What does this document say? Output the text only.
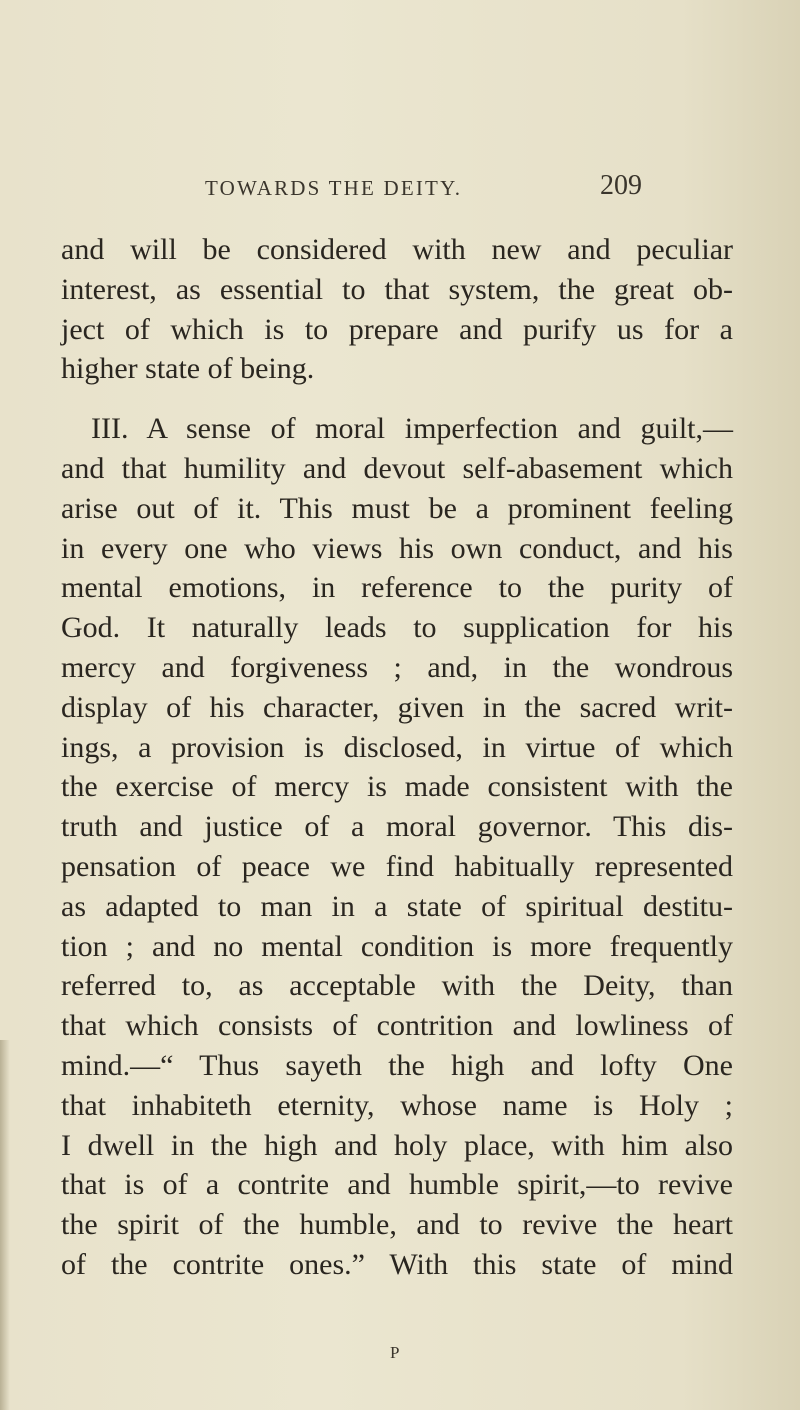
TOWARDS THE DEITY.	209
and will be considered with new and peculiar
interest, as essential to that system, the great ob-
ject of which is to prepare and purify us for a
higher state of being.
III. A sense of moral imperfection and guilt,—
and that humility and devout self-abasement which
arise out of it. This must be a prominent feeling
in every one who views his own conduct, and his
mental emotions, in reference to the purity of
God. It naturally leads to supplication for his
mercy and forgiveness ; and, in the wondrous
display of his character, given in the sacred writ-
ings, a provision is disclosed, in virtue of which
the exercise of mercy is made consistent with the
truth and justice of a moral governor. This dis-
pensation of peace we find habitually represented
as adapted to man in a state of spiritual destitu-
tion ; and no mental condition is more frequently
referred to, as acceptable with the Deity, than
that which consists of contrition and lowliness of
mind.—“ Thus sayeth the high and lofty One
that inhabiteth eternity, whose name is Holy ;
I dwell in the high and holy place, with him also
that is of a contrite and humble spirit,—to revive
the spirit of the humble, and to revive the heart
of the contrite ones.” With this state of mind
P
